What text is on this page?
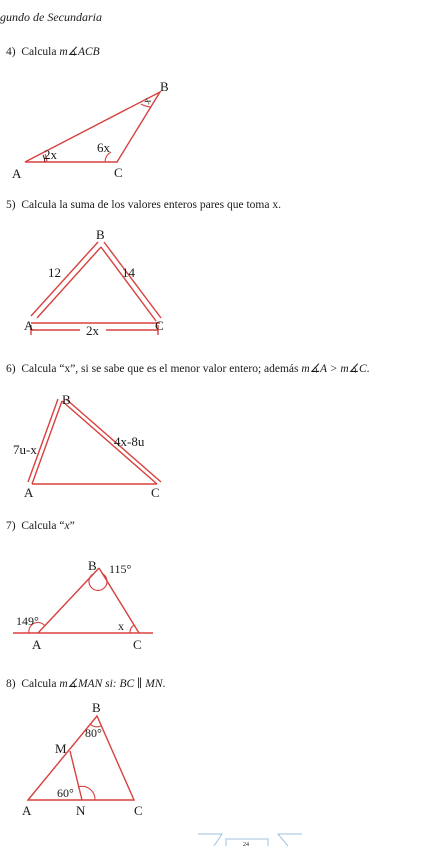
gundo de Secundaria
4) Calcula m∡ACB
5) Calcula la suma de los valores enteros pares que toma x.
6) Calcula “x”, si se sabe que es el menor valor entero; además m∡A > m∡C.
7) Calcula “x”
8) Calcula m∡MAN si: BC ∥ MN.
A
B
C
2x	6x
x
A
B
C
12	14
2x
A
B
C
7u-x
4x-8u
A
B
C
115°
149°	x
A
B
C
M
N
80°
60°
24
